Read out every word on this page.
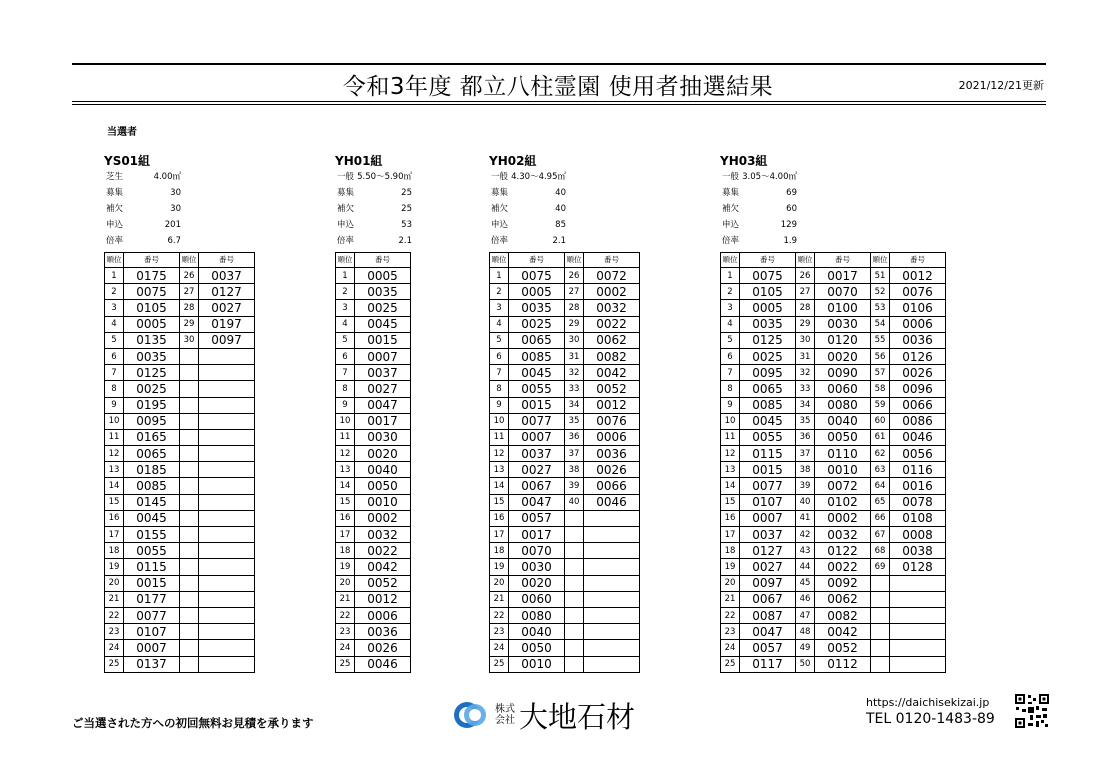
令和3年度 都立八柱霊園 使用者抽選結果	2021/12/21更新
当選者
YS01組
芝生	4.00㎡
募集	30
補欠	30
申込	201
倍率	6.7
順位	番号	順位	番号
1	0175	26	0037
2	0075	27	0127
3	0105	28	0027
4	0005	29	0197
5	0135	30	0097
6	0035		
7	0125		
8	0025		
9	0195		
10	0095		
11	0165		
12	0065		
13	0185		
14	0085		
15	0145		
16	0045		
17	0155		
18	0055		
19	0115		
20	0015		
21	0177		
22	0077		
23	0107		
24	0007		
25	0137		
YH01組
一般 5.50～5.90㎡
募集	25
補欠	25
申込	53
倍率	2.1
順位	番号
1	0005
2	0035
3	0025
4	0045
5	0015
6	0007
7	0037
8	0027
9	0047
10	0017
11	0030
12	0020
13	0040
14	0050
15	0010
16	0002
17	0032
18	0022
19	0042
20	0052
21	0012
22	0006
23	0036
24	0026
25	0046
YH02組
一般 4.30～4.95㎡
募集	40
補欠	40
申込	85
倍率	2.1
順位	番号	順位	番号
1	0075	26	0072
2	0005	27	0002
3	0035	28	0032
4	0025	29	0022
5	0065	30	0062
6	0085	31	0082
7	0045	32	0042
8	0055	33	0052
9	0015	34	0012
10	0077	35	0076
11	0007	36	0006
12	0037	37	0036
13	0027	38	0026
14	0067	39	0066
15	0047	40	0046
16	0057		
17	0017		
18	0070		
19	0030		
20	0020		
21	0060		
22	0080		
23	0040		
24	0050		
25	0010		
YH03組
一般 3.05～4.00㎡
募集	69
補欠	60
申込	129
倍率	1.9
順位	番号	順位	番号	順位	番号
1	0075	26	0017	51	0012
2	0105	27	0070	52	0076
3	0005	28	0100	53	0106
4	0035	29	0030	54	0006
5	0125	30	0120	55	0036
6	0025	31	0020	56	0126
7	0095	32	0090	57	0026
8	0065	33	0060	58	0096
9	0085	34	0080	59	0066
10	0045	35	0040	60	0086
11	0055	36	0050	61	0046
12	0115	37	0110	62	0056
13	0015	38	0010	63	0116
14	0077	39	0072	64	0016
15	0107	40	0102	65	0078
16	0007	41	0002	66	0108
17	0037	42	0032	67	0008
18	0127	43	0122	68	0038
19	0027	44	0022	69	0128
20	0097	45	0092		
21	0067	46	0062		
22	0087	47	0082		
23	0047	48	0042		
24	0057	49	0052		
25	0117	50	0112		
ご当選された方への初回無料お見積を承ります
株式
会社 大地石材	https://daichisekizai.jp
TEL 0120-1483-89
